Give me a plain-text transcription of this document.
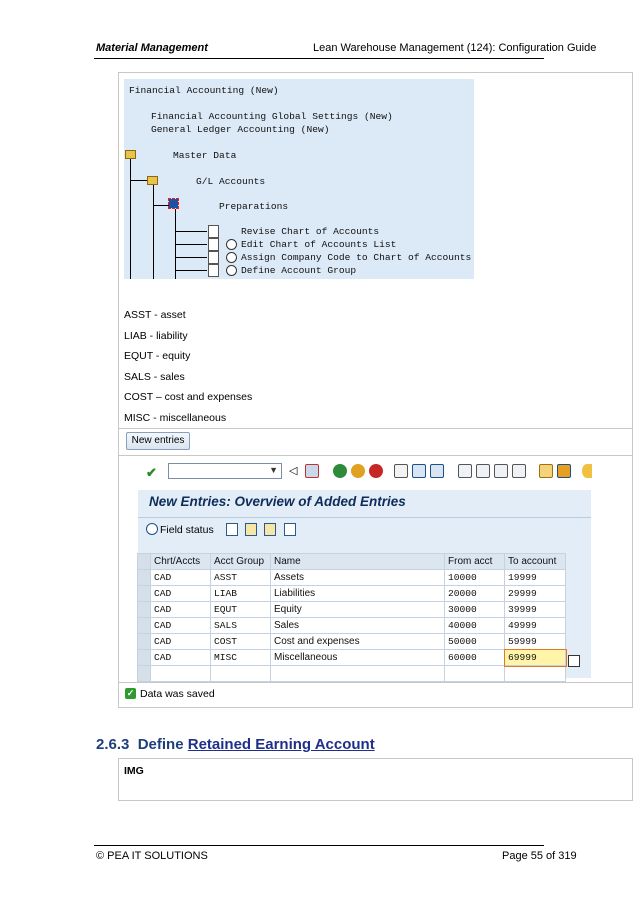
Material Management	Lean Warehouse Management (124): Configuration Guide
Financial Accounting (New)
Financial Accounting Global Settings (New)
General Ledger Accounting (New)
Master Data
G/L Accounts
Preparations
Revise Chart of Accounts
Edit Chart of Accounts List
Assign Company Code to Chart of Accounts
Define Account Group
ASST - asset
LIAB - liability
EQUT - equity
SALS - sales
COST – cost and expenses
MISC - miscellaneous
New entries
✔	▼ ◁
New Entries: Overview of Added Entries
Field status
	Chrt/Accts	Acct Group	Name	From acct	To account
	CAD	ASST	Assets	10000	19999
	CAD	LIAB	Liabilities	20000	29999
	CAD	EQUT	Equity	30000	39999
	CAD	SALS	Sales	40000	49999
	CAD	COST	Cost and expenses	50000	59999
	CAD	MISC	Miscellaneous	60000	69999

✓ Data was saved
2.6.3 Define Retained Earning Account
IMG
© PEA IT SOLUTIONS	Page 55 of 319
